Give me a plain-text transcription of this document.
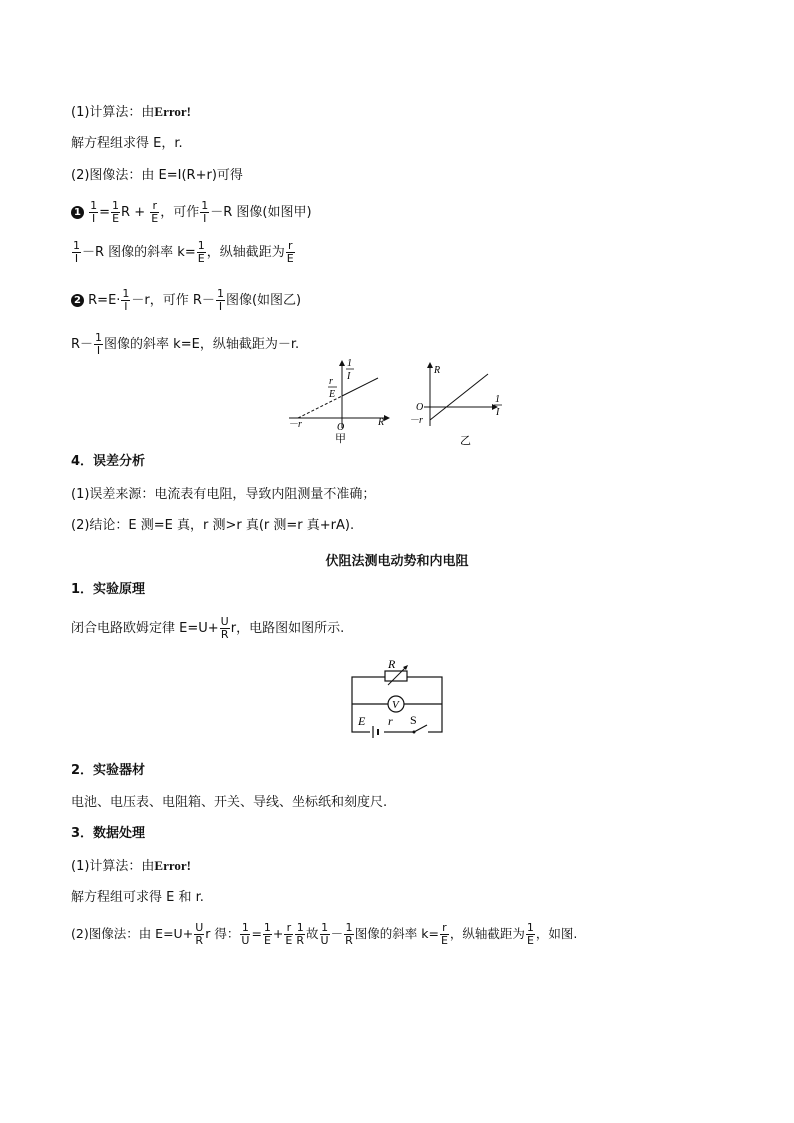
(1)计算法：由Error!
解方程组求得 E，r.
(2)图像法：由 E=I(R+r)可得
$1 \frac{1}{I} = \frac{1}{E}$ $R + \frac{r}{E}$ ，可作 $\frac{1}{I} -R$ 图像(如图甲)
$\frac{1}{I} -R$ 图像的斜率 $k= \frac{1}{E}$ ，纵轴截距为 $\frac{r}{E}$
2 $R=E\cdot \frac{1}{I} -r$，可作 $R- \frac{1}{I}$ 图像(如图乙)
$R- \frac{1}{I}$ 图像的斜率 k=E，纵轴截距为－r.
1
I
r
E
O	R
－r
甲
R
O
－r
1
I
乙
4．误差分析
(1)误差来源：电流表有电阻，导致内阻测量不准确；
(2)结论：E 测=E 真，r 测>r 真(r 测=r 真+rA).
伏阻法测电动势和内电阻
1．实验原理
闭合电路欧姆定律 $E=U+ \frac{U}{R}$ r，电路图如图所示.
R
V
E r S
2．实验器材
电池、电压表、电阻箱、开关、导线、坐标纸和刻度尺.
3．数据处理
(1)计算法：由Error!
解方程组可求得 E 和 r.
(2)图像法：由 $E=U+ \frac{U}{R}$ r 得： $\frac{1}{U} = \frac{1}{E} + \frac{r}{E} \frac{1}{R}$ 故 $\frac{1}{U} - \frac{1}{R}$ 图像的斜率 $k= \frac{r}{E}$ ，纵轴截距为 $\frac{1}{E}$ ，如图.
